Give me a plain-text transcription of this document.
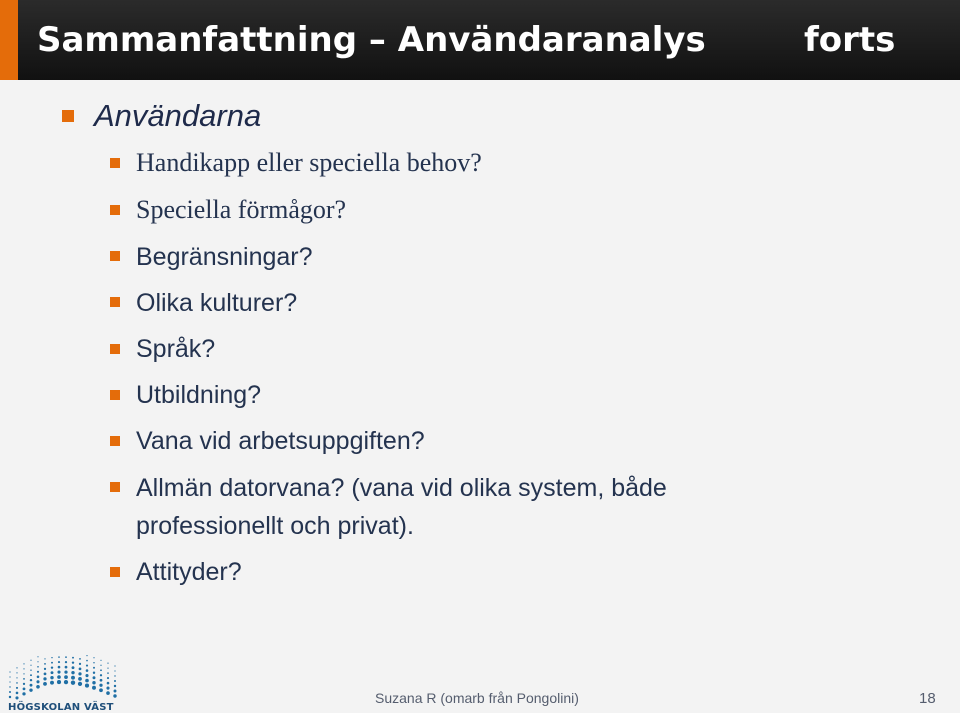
Sammanfattning – Användaranalys	forts
Användarna
Handikapp eller speciella behov?
Speciella förmågor?
Begränsningar?
Olika kulturer?
Språk?
Utbildning?
Vana vid arbetsuppgiften?
Allmän datorvana? (vana vid olika system, både
professionellt och privat).
Attityder?
HÖGSKOLAN VÄST
Suzana R (omarb från Pongolini)	18
